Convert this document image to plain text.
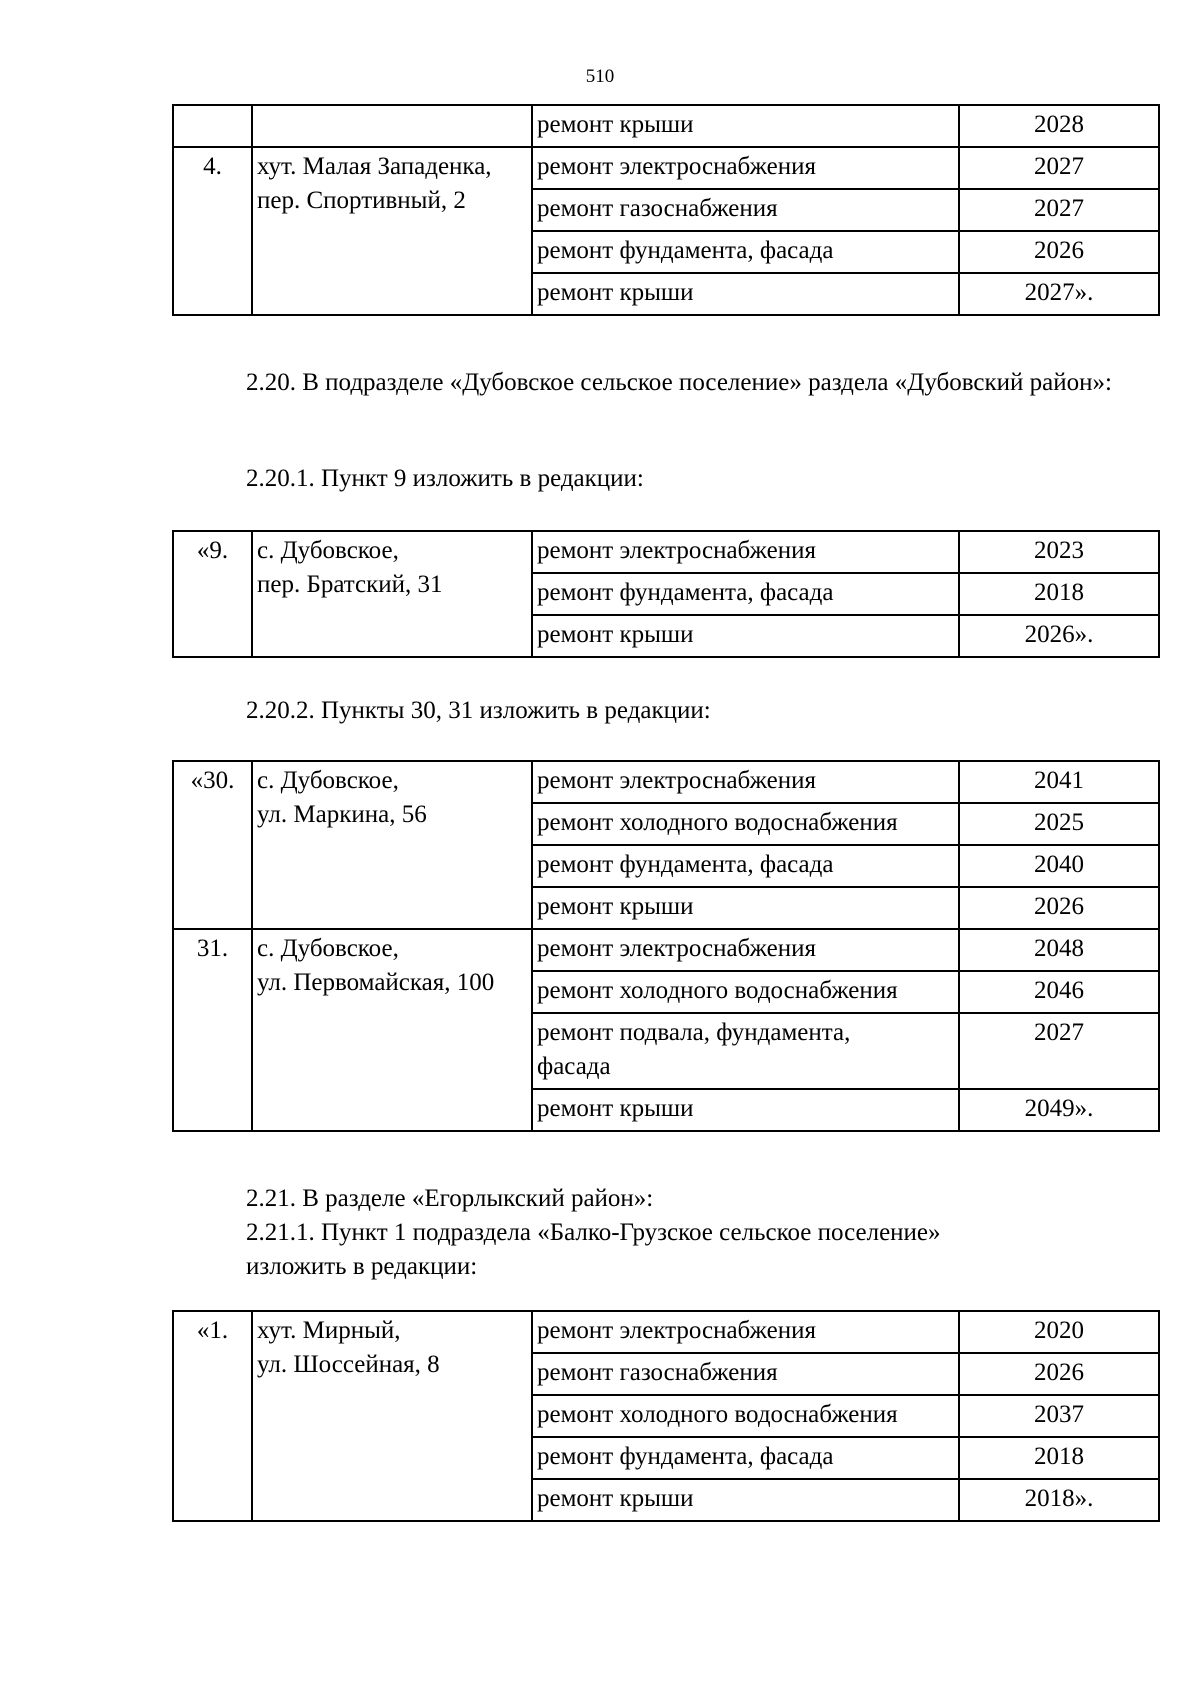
510
		ремонт крыши	2028
4.	хут. Малая Западенка,
пер. Спортивный, 2	ремонт электроснабжения	2027
		ремонт газоснабжения	2027
		ремонт фундамента, фасада	2026
		ремонт крыши	2027».
2.20. В подразделе «Дубовское сельское поселение» раздела «Дубовский район»:
2.20.1. Пункт 9 изложить в редакции:
«9.	с. Дубовское,
пер. Братский, 31	ремонт электроснабжения	2023
		ремонт фундамента, фасада	2018
		ремонт крыши	2026».
2.20.2. Пункты 30, 31 изложить в редакции:
«30.	с. Дубовское,
ул. Маркина, 56	ремонт электроснабжения	2041
		ремонт холодного водоснабжения	2025
		ремонт фундамента, фасада	2040
		ремонт крыши	2026
31.	с. Дубовское,
ул. Первомайская, 100	ремонт электроснабжения	2048
		ремонт холодного водоснабжения	2046
		ремонт подвала, фундамента, фасада	2027
		ремонт крыши	2049».
2.21. В разделе «Егорлыкский район»:
2.21.1. Пункт 1 подраздела «Балко-Грузское сельское поселение»
изложить в редакции:
«1.	хут. Мирный,
ул. Шоссейная, 8	ремонт электроснабжения	2020
		ремонт газоснабжения	2026
		ремонт холодного водоснабжения	2037
		ремонт фундамента, фасада	2018
		ремонт крыши	2018».
